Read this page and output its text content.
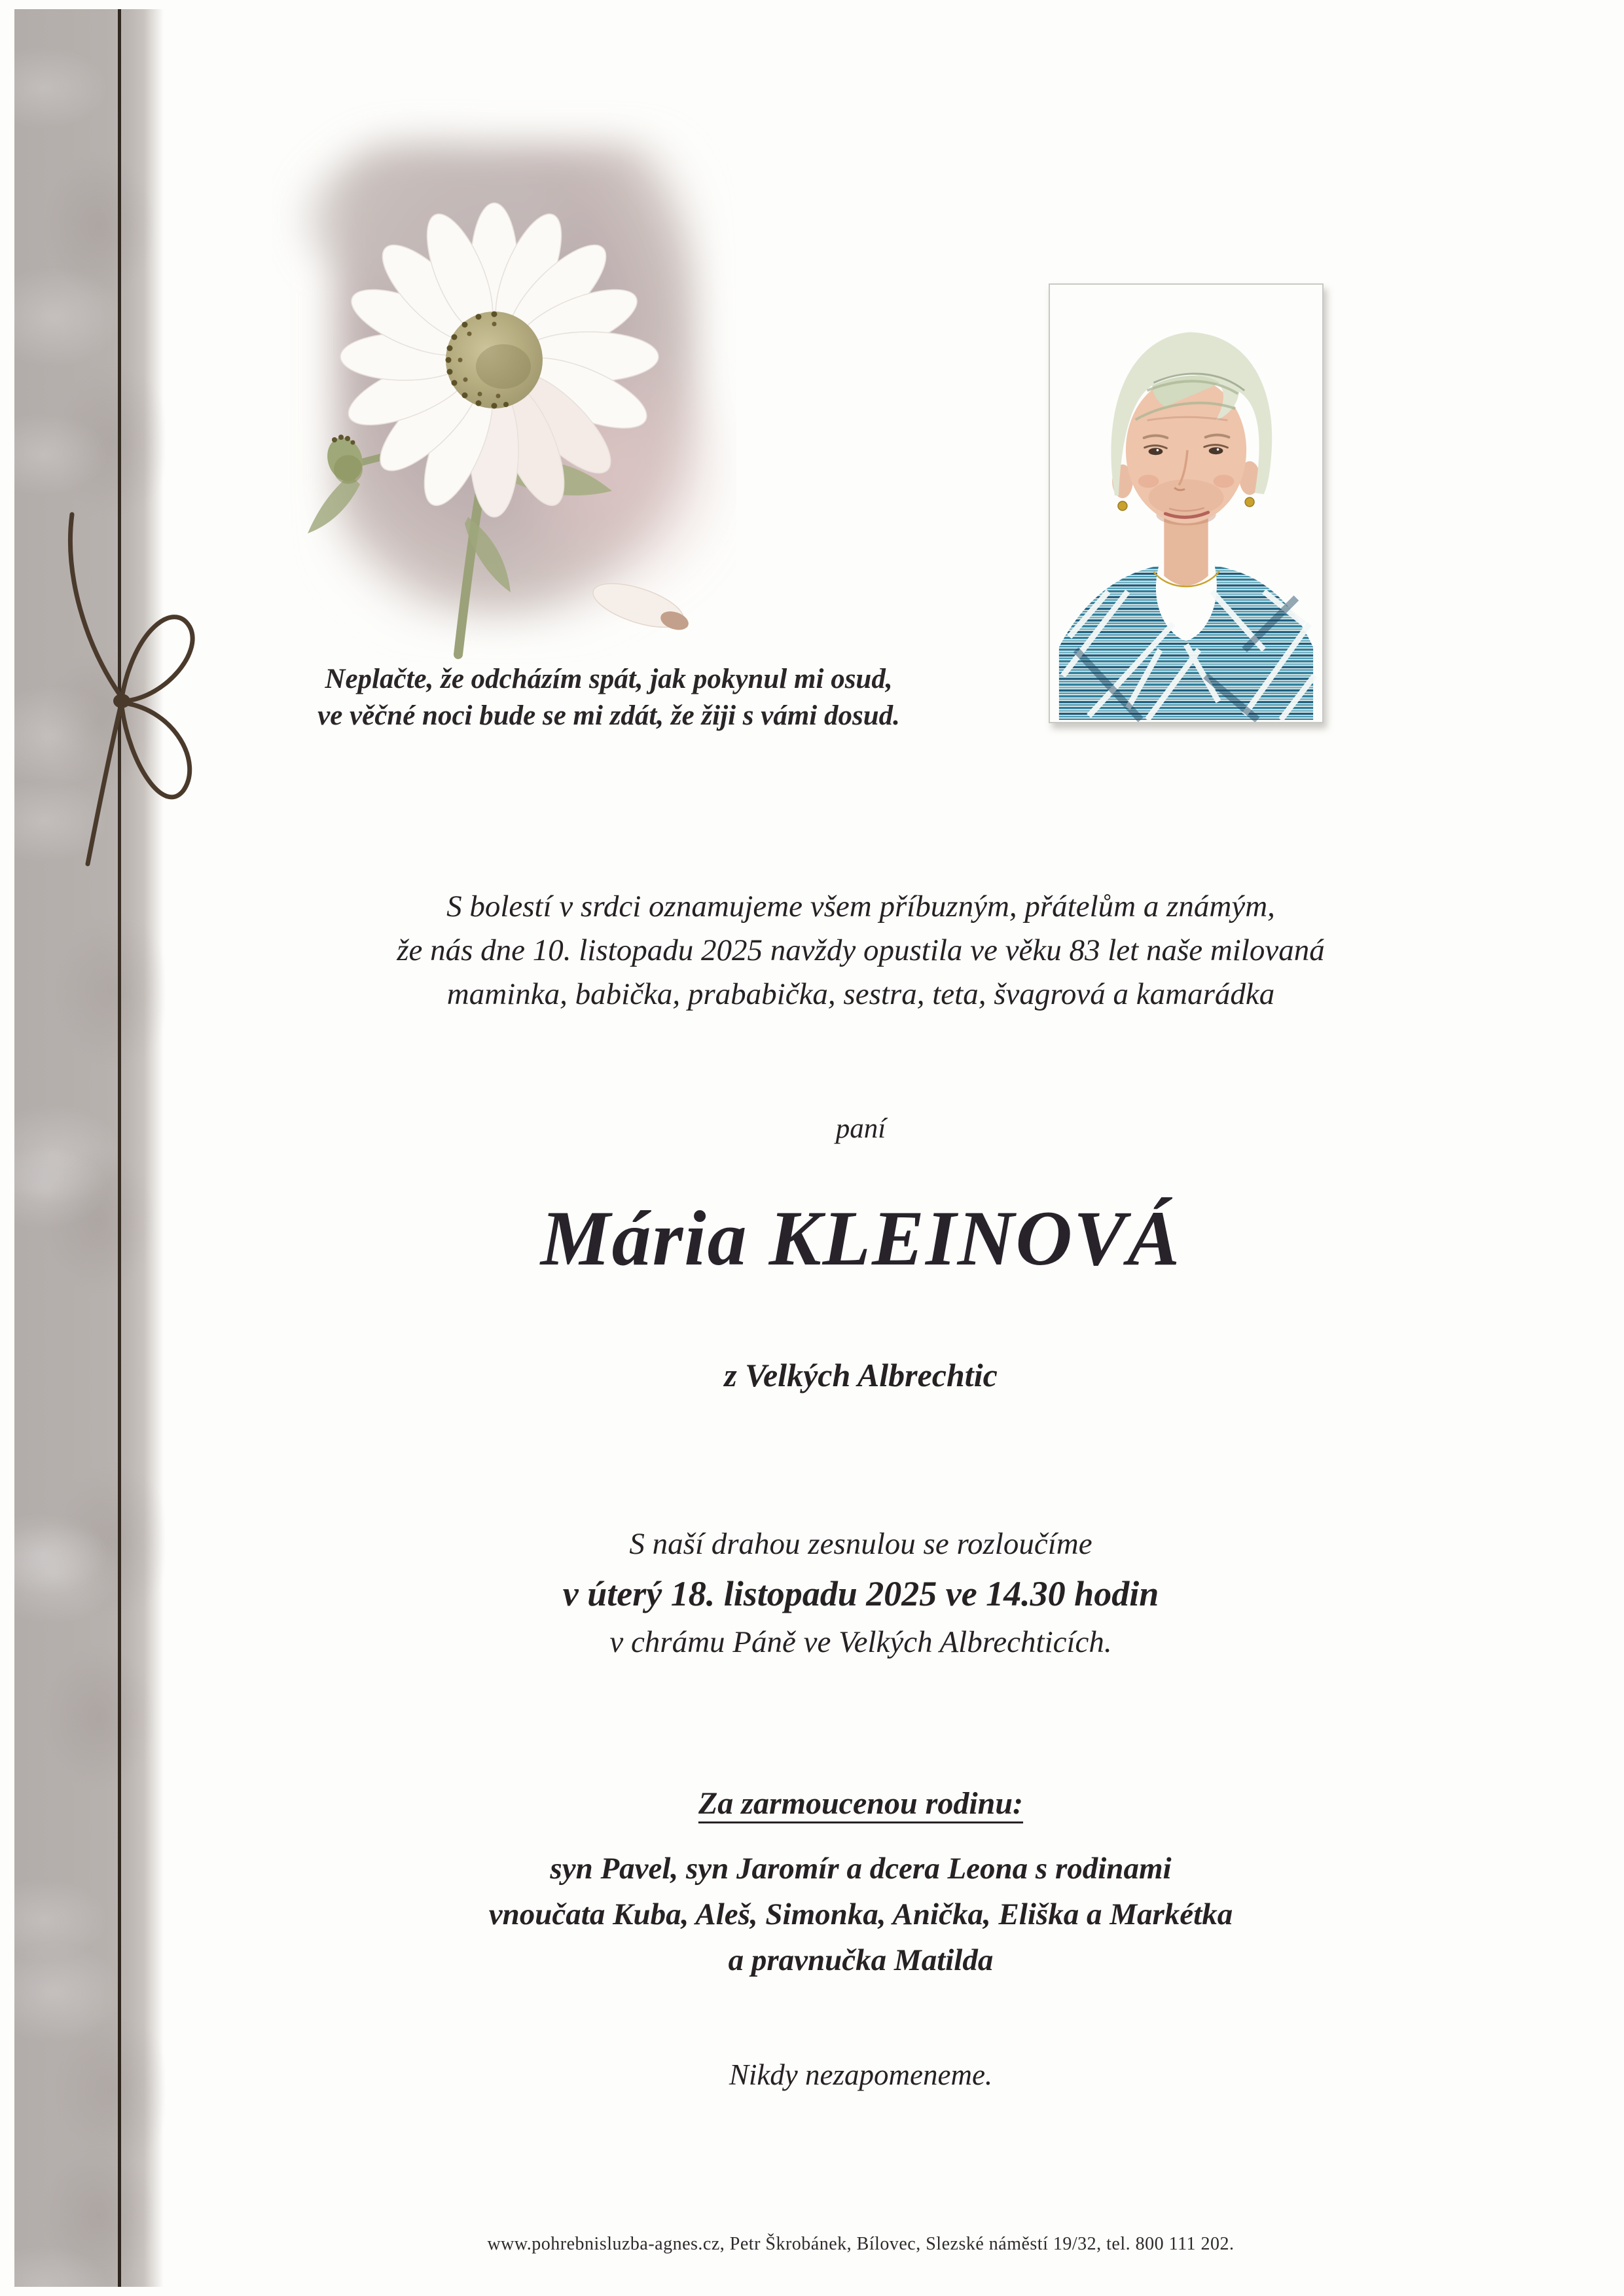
Neplačte, že odcházím spát, jak pokynul mi osud,
ve věčné noci bude se mi zdát, že žiji s vámi dosud.
S bolestí v srdci oznamujeme všem příbuzným, přátelům a známým,
že nás dne 10. listopadu 2025 navždy opustila ve věku 83 let naše milovaná
maminka, babička, prababička, sestra, teta, švagrová a kamarádka
paní
Mária KLEINOVÁ
z Velkých Albrechtic
S naší drahou zesnulou se rozloučíme
v úterý 18. listopadu 2025 ve 14.30 hodin
v chrámu Páně ve Velkých Albrechticích.
Za zarmoucenou rodinu:
syn Pavel, syn Jaromír a dcera Leona s rodinami
vnoučata Kuba, Aleš, Simonka, Anička, Eliška a Markétka
a pravnučka Matilda
Nikdy nezapomeneme.
www.pohrebnisluzba-agnes.cz, Petr Škrobánek, Bílovec, Slezské náměstí 19/32, tel. 800 111 202.
